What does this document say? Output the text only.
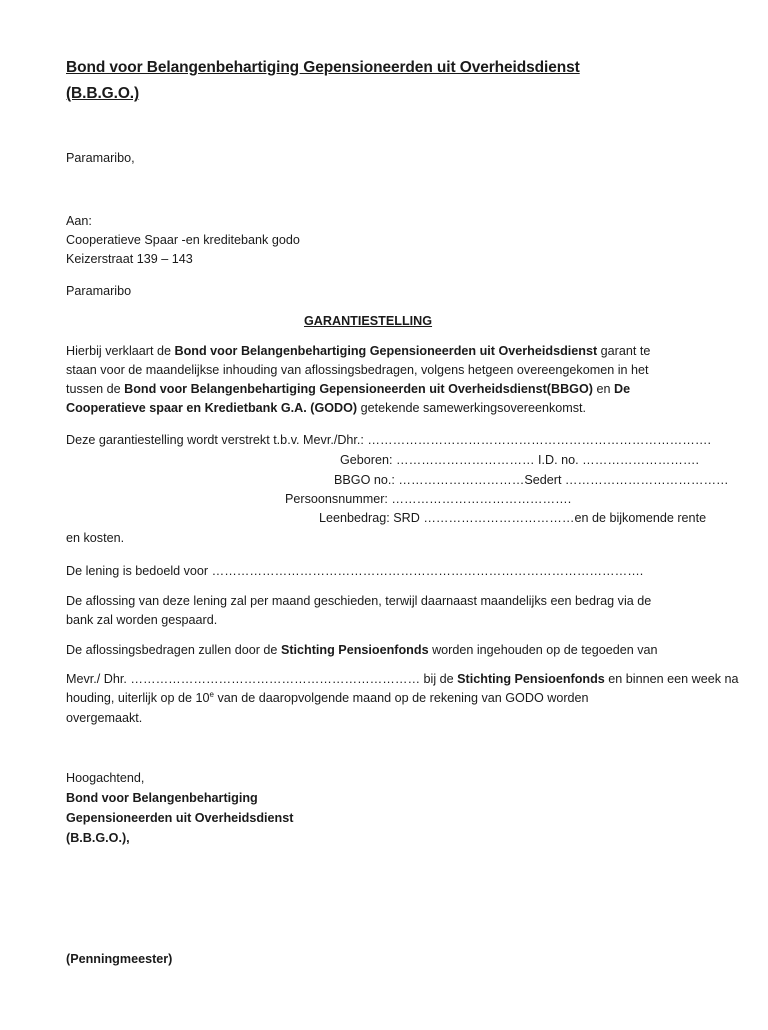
Bond voor Belangenbehartiging Gepensioneerden uit Overheidsdienst

(B.B.G.O.)

Paramaribo,

Aan:

Cooperatieve Spaar -en kreditebank godo

Keizerstraat 139 – 143

Paramaribo

GARANTIESTELLING

Hierbij verklaart de Bond voor Belangenbehartiging Gepensioneerden uit Overheidsdienst garant te

staan voor de maandelijkse inhouding van aflossingsbedragen, volgens hetgeen overeengekomen in het

tussen de Bond voor Belangenbehartiging Gepensioneerden uit Overheidsdienst(BBGO) en De

Cooperatieve spaar en Kredietbank G.A. (GODO) getekende samewerkingsovereenkomst.

Deze garantiestelling wordt verstrekt t.b.v. Mevr./Dhr.: ……………………………………………………………………….

Geboren: …………………………… I.D. no. ……………………….

BBGO no.: …………………………Sedert …………………………………

Persoonsnummer: …………………………………….

Leenbedrag: SRD ………………………………en de bijkomende rente

en kosten.

De lening is bedoeld voor ………………………………………………………………………………………….

De aflossing van deze lening zal per maand geschieden, terwijl daarnaast maandelijks een bedrag via de

bank zal worden gespaard.

De aflossingsbedragen zullen door de Stichting Pensioenfonds worden ingehouden op de tegoeden van

Mevr./ Dhr. …………………………………………………………… bij de Stichting Pensioenfonds en binnen een week na

houding, uiterlijk op de 10e van de daaropvolgende maand op de rekening van GODO worden

overgemaakt.

Hoogachtend,

Bond voor Belangenbehartiging

Gepensioneerden uit Overheidsdienst

(B.B.G.O.),

(Penningmeester)
